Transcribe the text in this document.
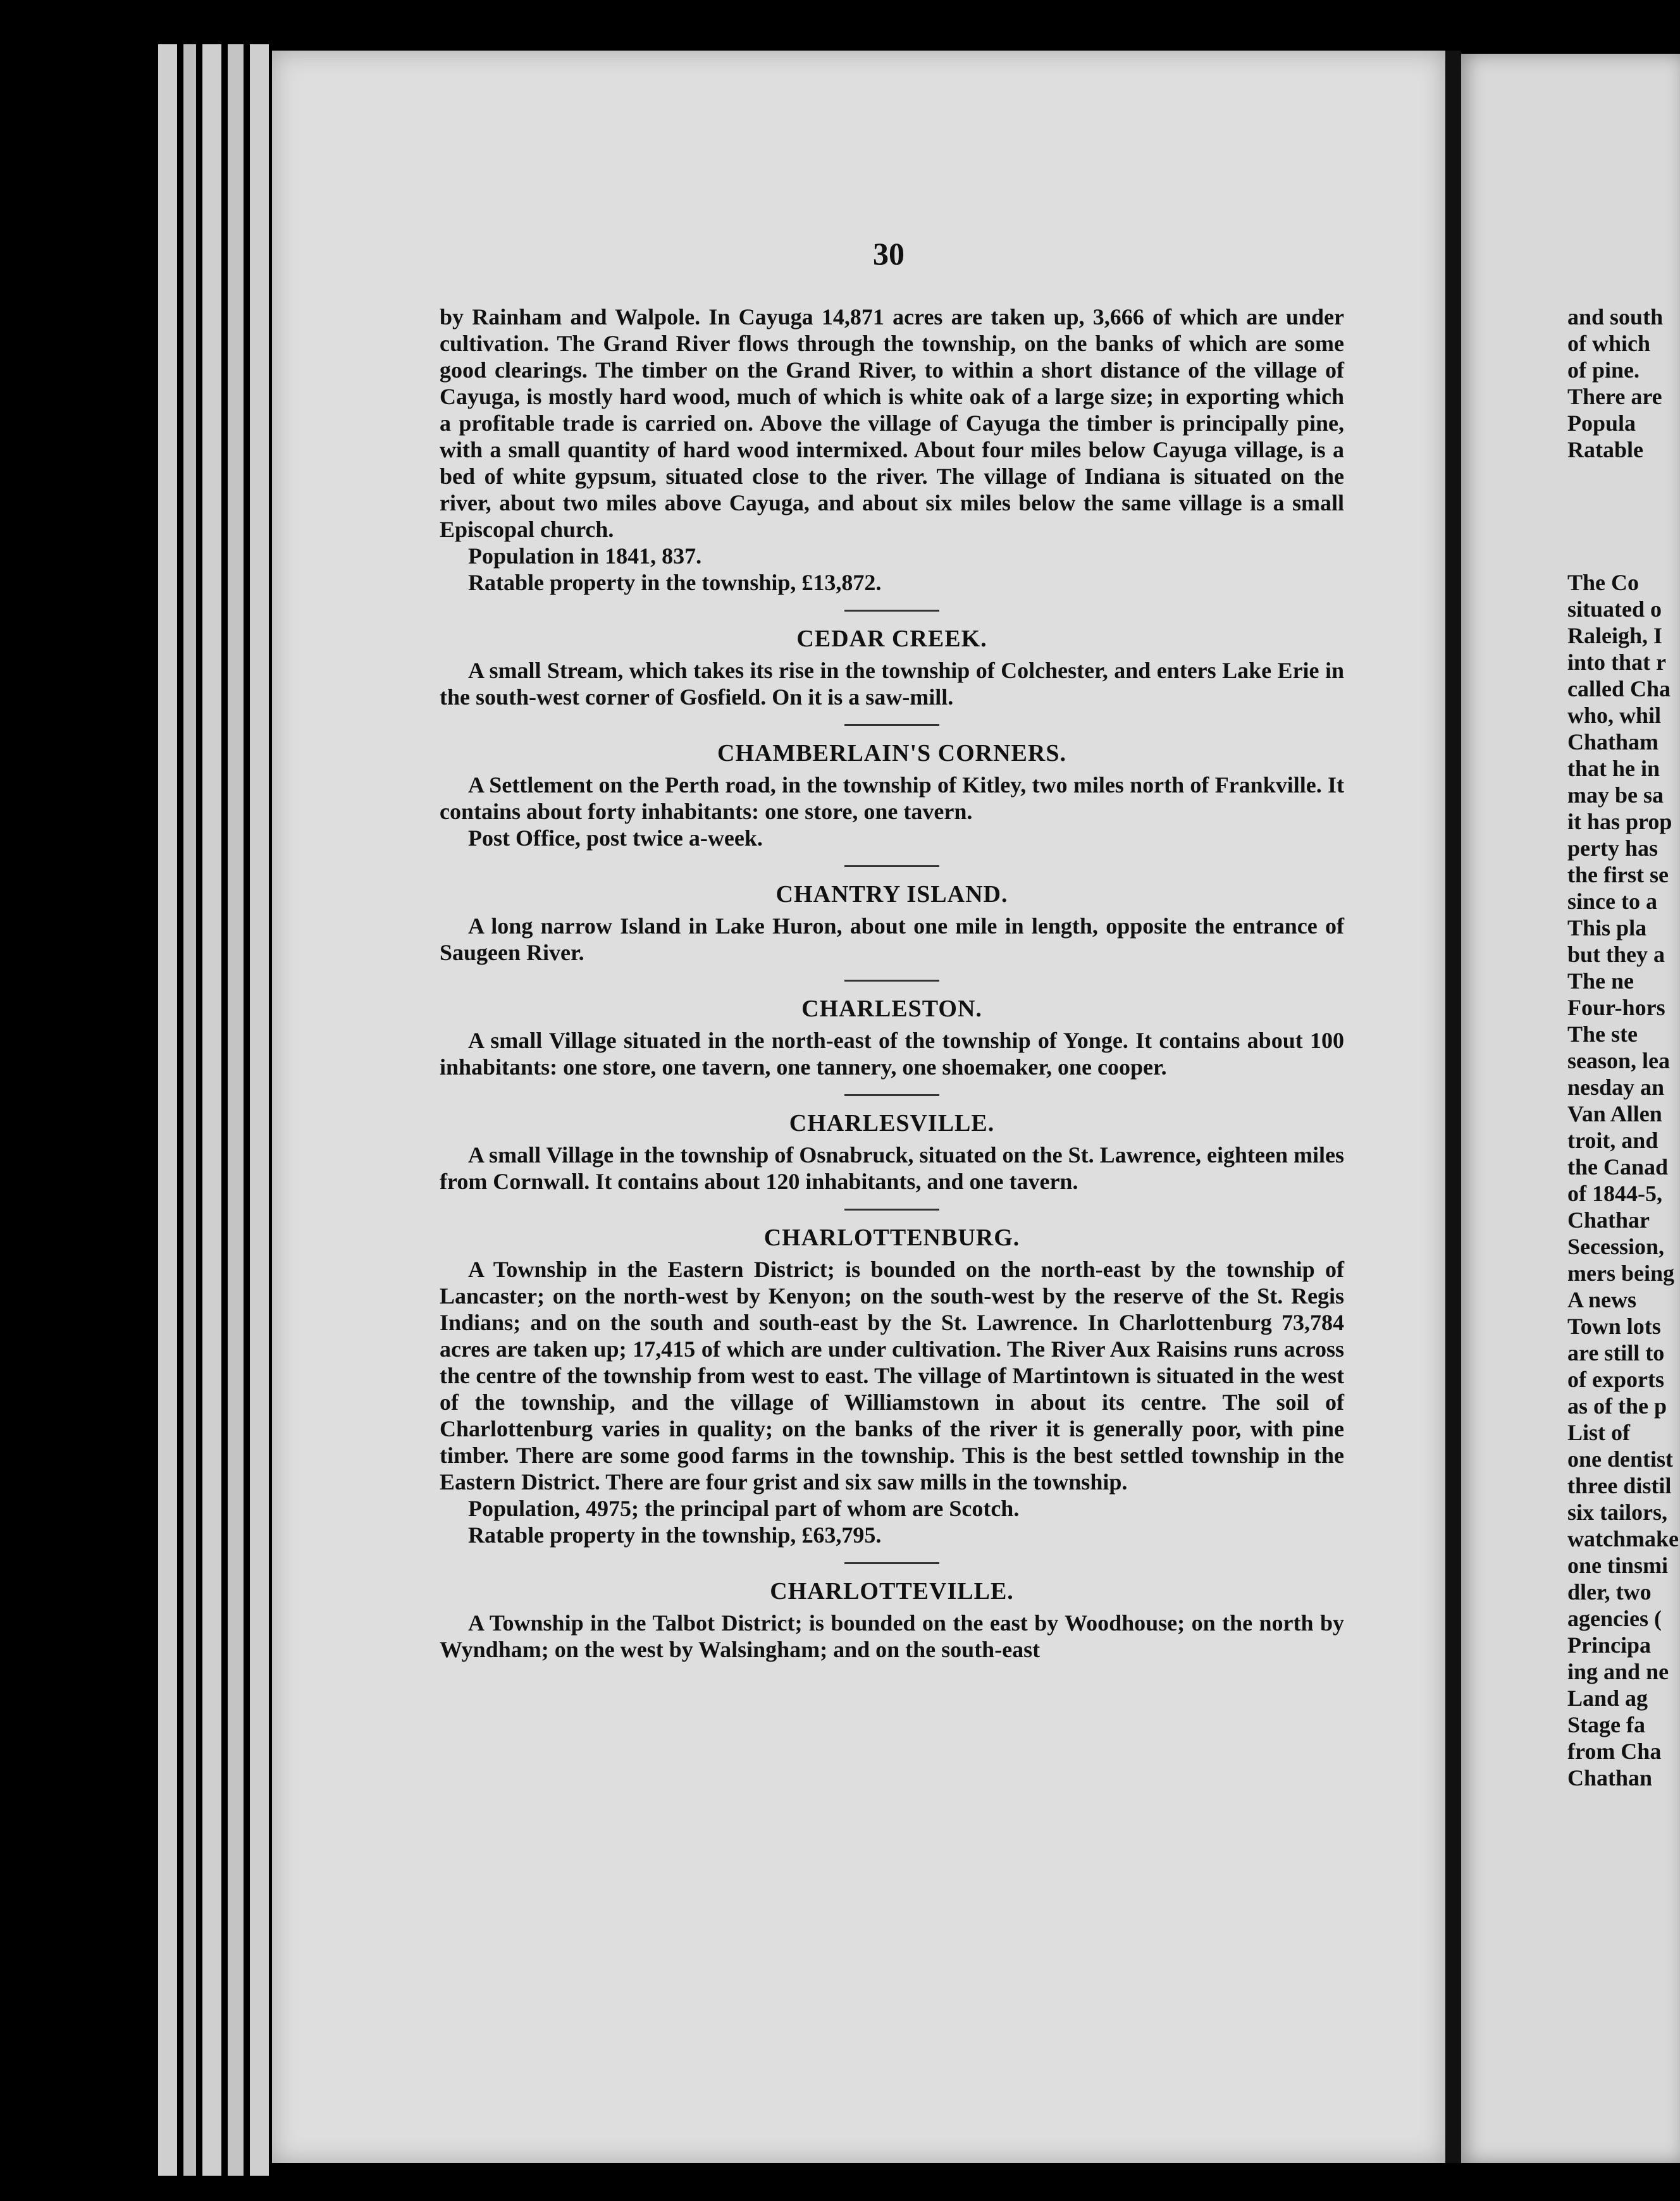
30

by Rainham and Walpole. In Cayuga 14,871 acres are taken up, 3,666 of which are under cultivation. The Grand River flows through the township, on the banks of which are some good clearings. The timber on the Grand River, to within a short distance of the village of Cayuga, is mostly hard wood, much of which is white oak of a large size; in exporting which a profitable trade is carried on. Above the village of Cayuga the timber is principally pine, with a small quantity of hard wood intermixed. About four miles below Cayuga village, is a bed of white gypsum, situated close to the river. The village of Indiana is situated on the river, about two miles above Cayuga, and about six miles below the same village is a small Episcopal church.

Population in 1841, 837.

Ratable property in the township, £13,872.

CEDAR CREEK.

A small Stream, which takes its rise in the township of Colchester, and enters Lake Erie in the south-west corner of Gosfield. On it is a saw-mill.

CHAMBERLAIN'S CORNERS.

A Settlement on the Perth road, in the township of Kitley, two miles north of Frankville. It contains about forty inhabitants: one store, one tavern.

Post Office, post twice a-week.

CHANTRY ISLAND.

A long narrow Island in Lake Huron, about one mile in length, opposite the entrance of Saugeen River.

CHARLESTON.

A small Village situated in the north-east of the township of Yonge. It contains about 100 inhabitants: one store, one tavern, one tannery, one shoemaker, one cooper.

CHARLESVILLE.

A small Village in the township of Osnabruck, situated on the St. Lawrence, eighteen miles from Cornwall. It contains about 120 inhabitants, and one tavern.

CHARLOTTENBURG.

A Township in the Eastern District; is bounded on the north-east by the township of Lancaster; on the north-west by Kenyon; on the south-west by the reserve of the St. Regis Indians; and on the south and south-east by the St. Lawrence. In Charlottenburg 73,784 acres are taken up; 17,415 of which are under cultivation. The River Aux Raisins runs across the centre of the township from west to east. The village of Martintown is situated in the west of the township, and the village of Williamstown in about its centre. The soil of Charlottenburg varies in quality; on the banks of the river it is generally poor, with pine timber. There are some good farms in the township. This is the best settled township in the Eastern District. There are four grist and six saw mills in the township.

Population, 4975; the principal part of whom are Scotch.

Ratable property in the township, £63,795.

CHARLOTTEVILLE.

A Township in the Talbot District; is bounded on the east by Woodhouse; on the north by Wyndham; on the west by Walsingham; and on the south-east

and south
of which
of pine.
There are
Popula
Ratable
The Co
situated o
Raleigh, I
into that r
called Cha
who, whil
Chatham
that he in
may be sa
it has prop
perty has
the first se
since to a
This pla
but they a
The ne
Four-hors
The ste
season, lea
nesday an
Van Allen
troit, and
the Canad
of 1844-5,
Chathar
Secession,
mers being
A news
Town lots
are still to
of exports
as of the p
List of
one dentist
three distil
six tailors,
watchmake
one tinsmi
dler, two
agencies (
Principa
ing and ne
Land ag
Stage fa
from Cha
Chathan
